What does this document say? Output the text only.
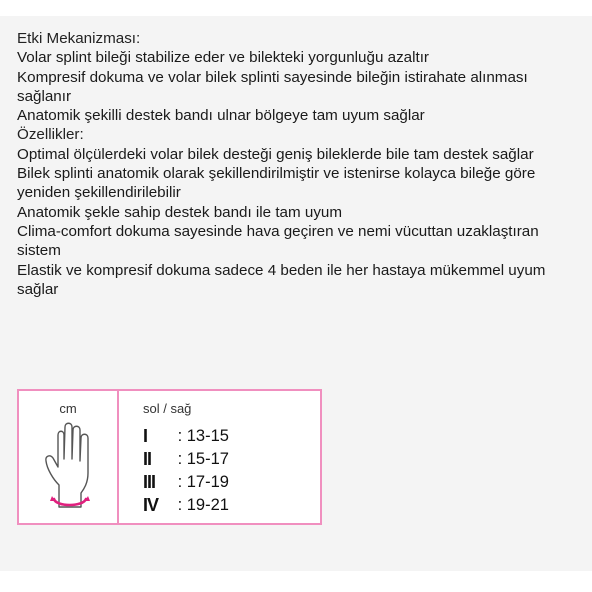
Etki Mekanizması:

Volar splint bileği stabilize eder ve bilekteki yorgunluğu azaltır

Kompresif dokuma ve volar bilek splinti sayesinde bileğin istirahate alınması sağlanır

Anatomik şekilli destek bandı ulnar bölgeye tam uyum sağlar

Özellikler:

Optimal ölçülerdeki volar bilek desteği geniş bileklerde bile tam destek sağlar

Bilek splinti anatomik olarak şekillendirilmiştir ve istenirse kolayca bileğe göre yeniden şekillendirilebilir

Anatomik şekle sahip destek bandı ile tam uyum

Clima-comfort dokuma sayesinde hava geçiren ve nemi vücuttan uzaklaştıran sistem

Elastik ve kompresif dokuma sadece 4 beden ile her hastaya mükemmel uyum sağlar

cm	sol / sağ
I	: 13-15
II	: 15-17
III	: 17-19
IV : 19-21
